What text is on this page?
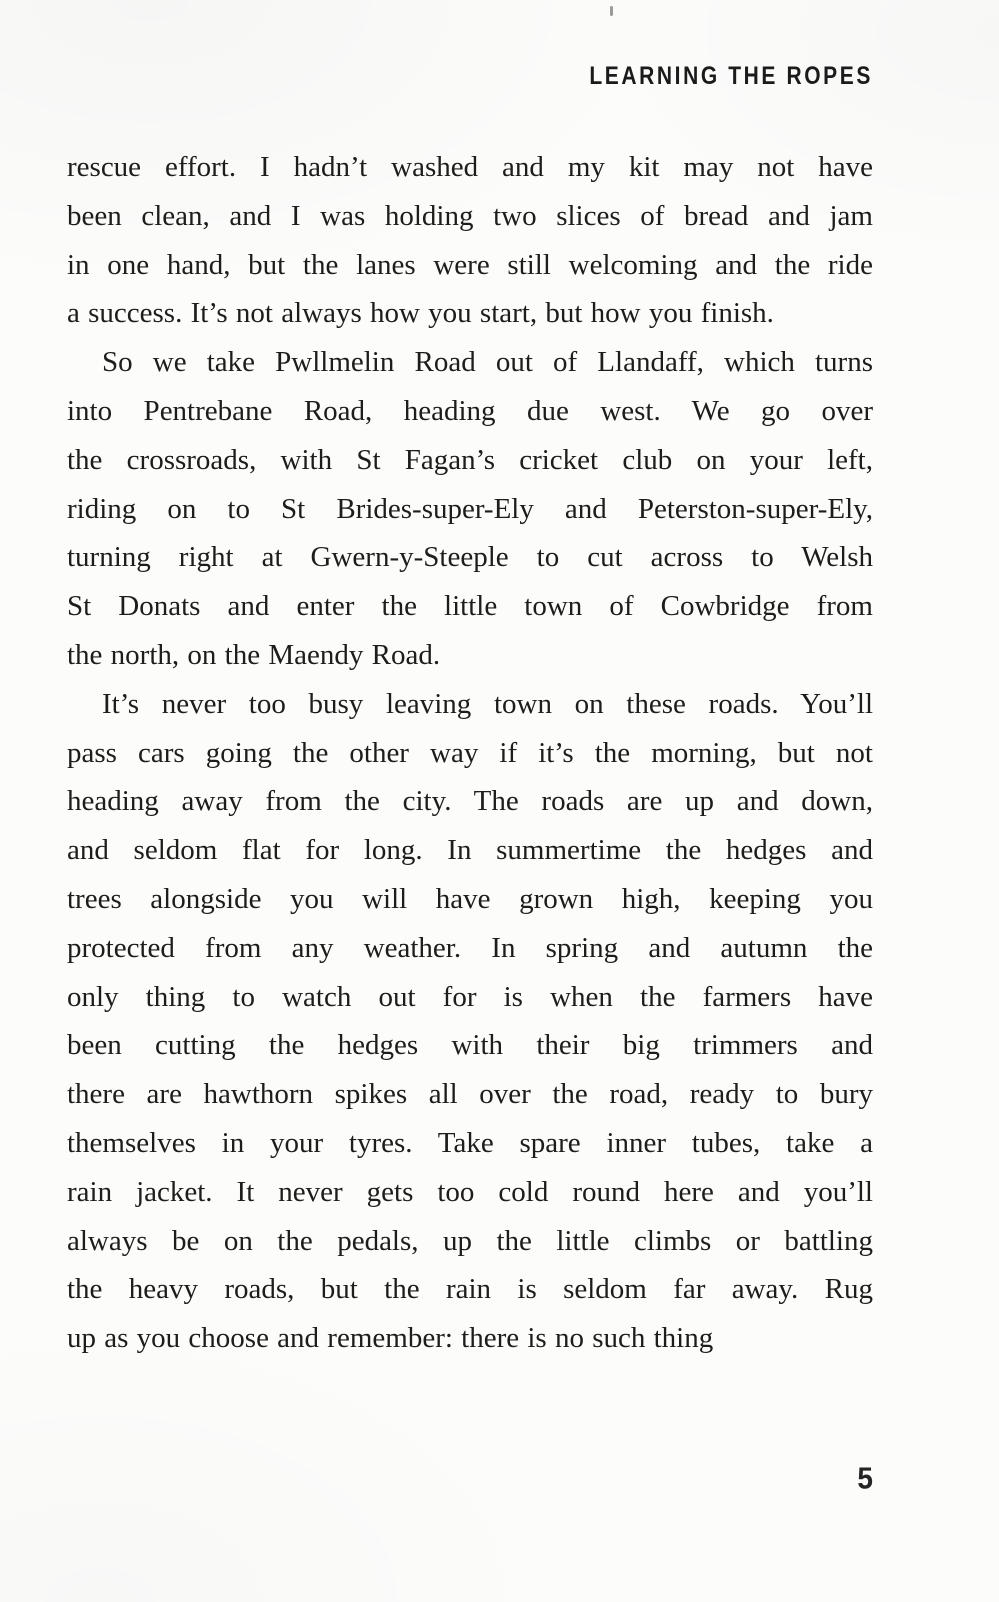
LEARNING THE ROPES
rescue effort. I hadn’t washed and my kit may not have
been clean, and I was holding two slices of bread and jam
in one hand, but the lanes were still welcoming and the ride
a success. It’s not always how you start, but how you finish.
So we take Pwllmelin Road out of Llandaff, which turns
into Pentrebane Road, heading due west. We go over
the crossroads, with St Fagan’s cricket club on your left,
riding on to St Brides-super-Ely and Peterston-super-Ely,
turning right at Gwern-y-Steeple to cut across to Welsh
St Donats and enter the little town of Cowbridge from
the north, on the Maendy Road.
It’s never too busy leaving town on these roads. You’ll
pass cars going the other way if it’s the morning, but not
heading away from the city. The roads are up and down,
and seldom flat for long. In summertime the hedges and
trees alongside you will have grown high, keeping you
protected from any weather. In spring and autumn the
only thing to watch out for is when the farmers have
been cutting the hedges with their big trimmers and
there are hawthorn spikes all over the road, ready to bury
themselves in your tyres. Take spare inner tubes, take a
rain jacket. It never gets too cold round here and you’ll
always be on the pedals, up the little climbs or battling
the heavy roads, but the rain is seldom far away. Rug
up as you choose and remember: there is no such thing
5
